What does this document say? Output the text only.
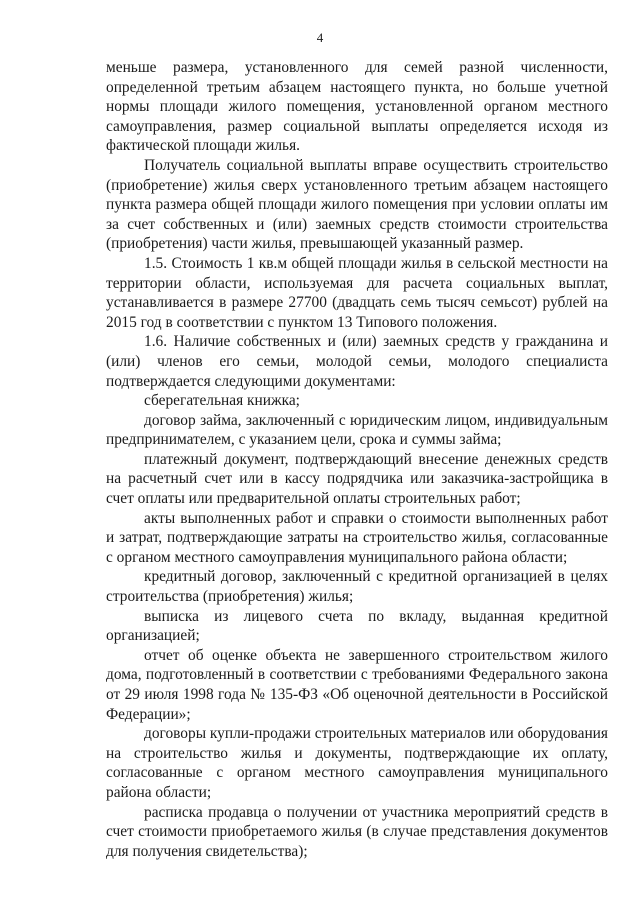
4

меньше размера, установленного для семей разной численности, определенной третьим абзацем настоящего пункта, но больше учетной нормы площади жилого помещения, установленной органом местного самоуправления, размер социальной выплаты определяется исходя из фактической площади жилья.

Получатель социальной выплаты вправе осуществить строительство (приобретение) жилья сверх установленного третьим абзацем настоящего пункта размера общей площади жилого помещения при условии оплаты им за счет собственных и (или) заемных средств стоимости строительства (приобретения) части жилья, превышающей указанный размер.

1.5. Стоимость 1 кв.м общей площади жилья в сельской местности на территории области, используемая для расчета социальных выплат, устанавливается в размере 27700 (двадцать семь тысяч семьсот) рублей на 2015 год в соответствии с пунктом 13 Типового положения.

1.6. Наличие собственных и (или) заемных средств у гражданина и (или) членов его семьи, молодой семьи, молодого специалиста подтверждается следующими документами:

сберегательная книжка;

договор займа, заключенный с юридическим лицом, индивидуальным предпринимателем, с указанием цели, срока и суммы займа;

платежный документ, подтверждающий внесение денежных средств на расчетный счет или в кассу подрядчика или заказчика-застройщика в счет оплаты или предварительной оплаты строительных работ;

акты выполненных работ и справки о стоимости выполненных работ и затрат, подтверждающие затраты на строительство жилья, согласованные с органом местного самоуправления муниципального района области;

кредитный договор, заключенный с кредитной организацией в целях строительства (приобретения) жилья;

выписка из лицевого счета по вкладу, выданная кредитной организацией;

отчет об оценке объекта не завершенного строительством жилого дома, подготовленный в соответствии с требованиями Федерального закона от 29 июля 1998 года № 135-ФЗ «Об оценочной деятельности в Российской Федерации»;

договоры купли-продажи строительных материалов или оборудования на строительство жилья и документы, подтверждающие их оплату, согласованные с органом местного самоуправления муниципального района области;

расписка продавца о получении от участника мероприятий средств в счет стоимости приобретаемого жилья (в случае представления документов для получения свидетельства);
